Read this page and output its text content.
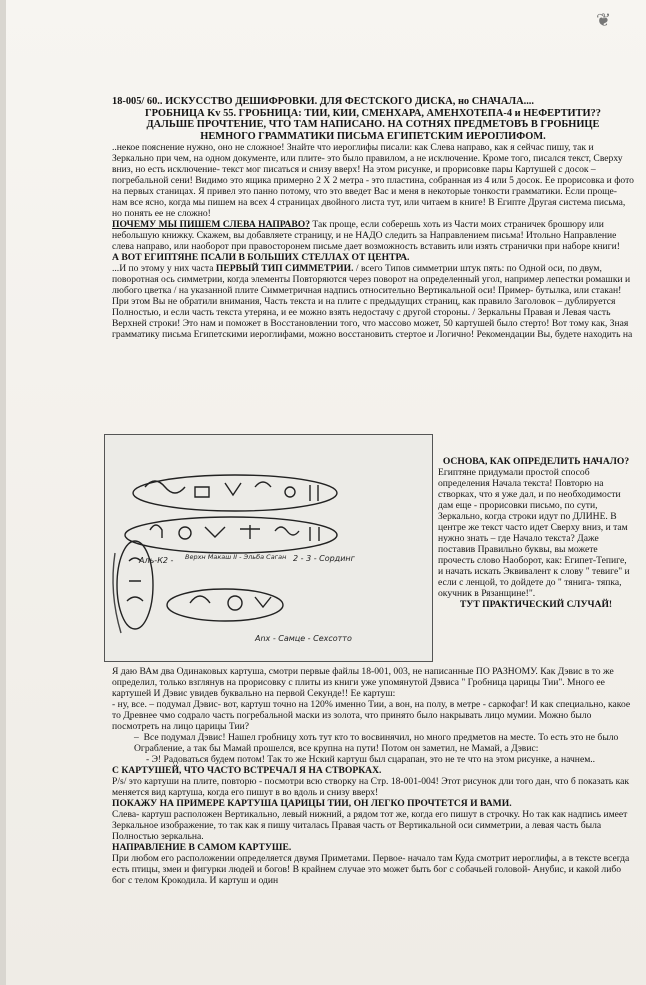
❦

18-005/ 60.. ИСКУССТВО ДЕШИФРОВКИ. ДЛЯ ФЕСТСКОГО ДИСКА, но СНАЧАЛА....

ГРОБНИЦА Kv 55. ГРОБНИЦА: ТИИ, КИИ, СМЕНХАРА, АМЕНХОТЕПА-4 и НЕФЕРТИТИ??

ДАЛЬШЕ ПРОЧТЕНИЕ, ЧТО ТАМ НАПИСАНО. НА СОТНЯХ ПРЕДМЕТОВЪ В ГРОБНИЦЕ

НЕМНОГО ГРАММАТИКИ ПИСЬМА ЕГИПЕТСКИМ ИЕРОГЛИФОМ.

..некое пояснение нужно, оно не сложное! Знайте что иероглифы писали: как Слева направо, как я сейчас пишу, так и Зеркально при чем, на одном документе, или плите- это было правилом, а не исключение. Кроме того, писался текст, Сверху вниз, но есть исключение- текст мог писаться и снизу вверх! На этом рисунке, и прорисовке пары Картушей с досок – погребальной сени! Видимо это ящика примерно 2 Х 2 метра - это пластина, собранная из 4 или 5 досок. Ее прорисовка и фото на первых станицах. Я привел это панно потому, что это введет Вас и меня в некоторые тонкости грамматики. Если проще- нам все ясно, когда мы пишем на всех 4 страницах двойного листа тут, или читаем в книге! В Египте Другая система письма, но понять ее не сложно!

ПОЧЕМУ МЫ ПИШЕМ СЛЕВА НАПРАВО? Так проще, если соберешь хоть из Части моих страничек брошюру или небольшую книжку. Скажем, вы добавляете страницу, и не НАДО следить за Направлением письма! Итольно Направление слева направо, или наоборот при правосторонем письме дает возможность вставить или изять странички при наборе книги!

А ВОТ ЕГИПТЯНЕ ПСАЛИ В БОЛЬШИХ СТЕЛЛАХ ОТ ЦЕНТРА.

...И по этому у них часта ПЕРВЫЙ ТИП СИММЕТРИИ. / всего Типов симметрии штук пять: по Одной оси, по двум, поворотная ось симметрии, когда элементы Повторяются через поворот на определенный угол, например лепестки ромашки и любого цветка / на указанной плите Симметричная надпись относительно Вертикальной оси! Пример- бутылка, или стакан! При этом Вы не обратили внимания, Часть текста и на плите с предыдущих страниц, как правило Заголовок – дублируется Полностью, и если часть текста утеряна, и ее можно взять недостачу с другой стороны. / Зеркальны Правая и Левая часть Верхней строки! Это нам и поможет в Восстановлении того, что массово может, 50 картушей было стерто! Вот тому как, Зная грамматику письма Египетскими иероглифами, можно восстановить стертое и Логично! Рекомендации Вы, будете находить на

Аль-К2 - Верхн Макаш II - Эльба Саган 2 - 3 - Сординг
Anx - Самце - Сехсотто

ОСНОВА, КАК ОПРЕДЕЛИТЬ НАЧАЛО?

Египтяне придумали простой способ определения Начала текста! Повторю на створках, что я уже дал, и по необходимости дам еще - прорисовки письмо, по сути, Зеркально, когда строки идут по ДЛИНЕ. В центре же текст часто идет Сверху вниз, и там нужно знать – где Начало текста? Даже поставив Правильно буквы, вы можете прочесть слово Наоборот, как: Египет-Тепиге, и начать искать Эквивалент к слову " тевиге" и если с ленцой, то дойдете до " тянига- тяпка, окучник в Рязанщине!".

ТУТ ПРАКТИЧЕСКИЙ СЛУЧАЙ!

Я даю ВАм два Одинаковых картуша, смотри первые файлы 18-001, 003, не написанные ПО РАЗНОМУ. Как Дэвис в то же определил, только взглянув на прорисовку с плиты из книги уже упомянутой Дэвиса " Гробница царицы Тии". Много ее картушей И Дэвис увидев буквально на первой Секунде!! Ее картуш:

- ну, все. – подумал Дэвис- вот, картуш точно на 120% именно Тии, а вон, на полу, в метре - саркофаг! И как специально, какое то Древнее чмо содрало часть погребальной маски из золота, что принято было накрывать лицо мумии. Можно было посмотреть на лицо царицы Тии?

–  Все подумал Дэвис! Нашел гробницу хоть тут кто то восвинячил, но много предметов на месте. То есть это не было Ограбление, а так бы Мамай прошелся, все крупна на пути! Потом он заметил, не Мамай, а Дэвис:

- Э! Радоваться будем потом! Так то же Нский картуш был сцарапан, это не те что на этом рисунке, а начнем..

С КАРТУШЕЙ, ЧТО ЧАСТО ВСТРЕЧАЛ Я НА СТВОРКАХ.

P/s/ это картуши на плите, повторю - посмотри всю створку на Стр. 18-001-004! Этот рисунок дли того дан, что б показать как меняется вид картуша, когда его пишут в во вдоль и снизу вверх!

ПОКАЖУ НА ПРИМЕРЕ КАРТУША ЦАРИЦЫ ТИИ, ОН ЛЕГКО ПРОЧТЕТСЯ И ВАМИ.

Слева- картуш расположен Вертикально, левый нижний, а рядом тот же, когда его пишут в строчку. Но так как надпись имеет Зеркальное изображение, то так как я пишу читалась Правая часть от Вертикальной оси симметрии, а левая часть была Полностью зеркальна.

НАПРАВЛЕНИЕ В САМОМ КАРТУШЕ.

При любом его расположении определяется двумя Приметами. Первое- начало там Куда смотрит иероглифы, а в тексте всегда есть птицы, змеи и фигурки людей и богов! В крайнем случае это может быть бог с собачьей головой- Анубис, и какой либо бог с телом Крокодила. И картуш и один
